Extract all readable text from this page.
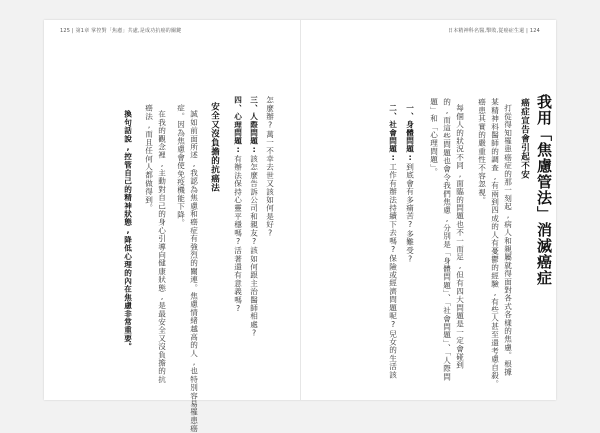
125 | 第1章 掌控對「焦慮」共處,是成功抗癌的關鍵	日本精神科名醫,擊敗,從癌症生還 | 124
我用「焦慮管法」消滅癌症
癌症宣告會引起不安
打從得知罹患癌症的那一刻起,病人和親屬就得面對各式各樣的焦慮。根據
某精神科醫師的調查,有兩到四成的人有憂鬱的經驗,有些人甚至還考慮自殺。
癌患其實的嚴重性不容忽視。
每個人的狀況不同,面臨的問題也不一而足,但有四大問題是一定會碰到
的,而這些問題也會令我們焦慮,分別是「身體問題」、「社會問題」、「人際問
題」和「心理問題」。
一、身體問題:到底會有多痛苦?多難受?
二、社會問題:工作有辦法持續下去嗎?保險或經濟問題呢?兒女的生活該
怎麼辦?萬一不幸去世又該如何是好?
三、人際問題:該怎麼告訴公司和親友?該如何跟主治醫師相處?
四、心理問題:有辦法保持心靈平穩嗎?活著還有意義嗎?
安全又沒負擔的抗癌法
誠如前面所述,我認為焦慮和癌症有強烈的關連。焦慮情緒越高的人,也特別容易罹患癌
症。因為焦慮會使免疫機能下降。
在我的觀念裡,主動對自己的身心引導向健康狀態,是最安全又沒負擔的抗
癌法,而且任何人都做得到。
換句話說,控管自己的精神狀態,降低心理的內在焦慮非常重要。
